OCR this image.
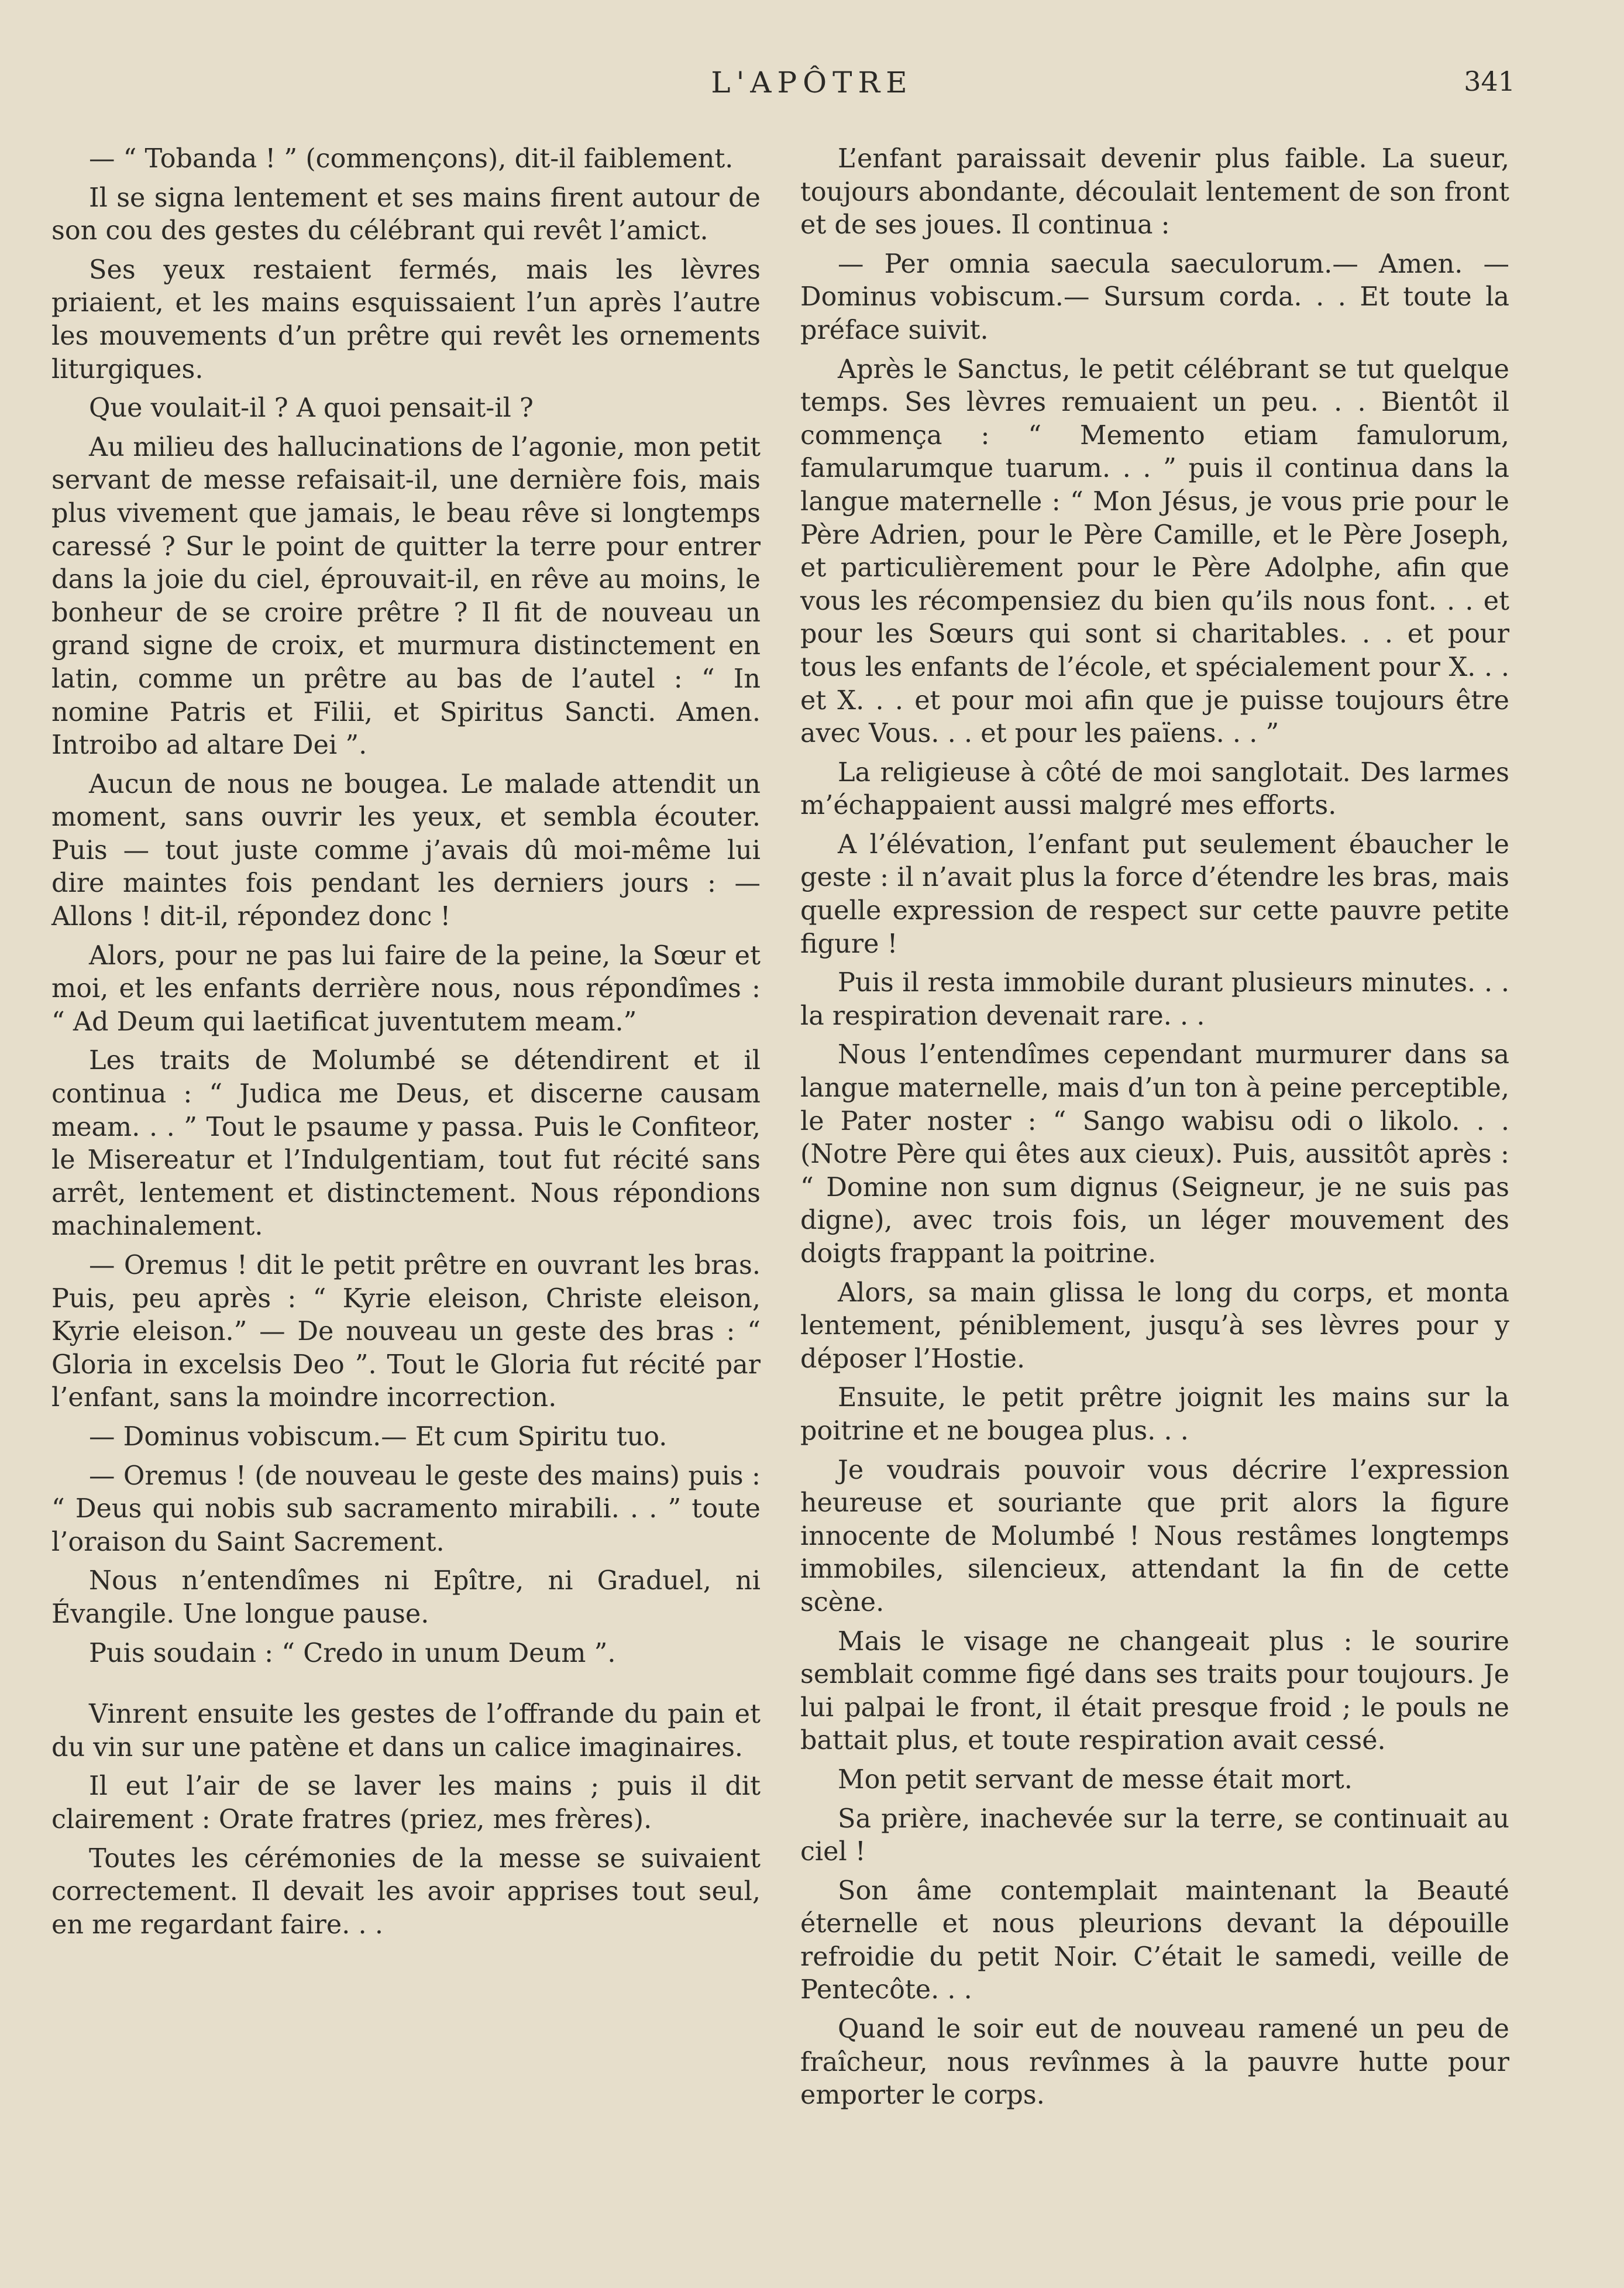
L'APÔTRE	341

— “ Tobanda ! ” (commençons), dit-il faiblement.

Il se signa lentement et ses mains firent autour de son cou des gestes du célébrant qui revêt l’amict.

Ses yeux restaient fermés, mais les lèvres priaient, et les mains esquissaient l’un après l’autre les mouvements d’un prêtre qui revêt les ornements liturgiques.

Que voulait-il ? A quoi pensait-il ?

Au milieu des hallucinations de l’agonie, mon petit servant de messe refaisait-il, une dernière fois, mais plus vivement que jamais, le beau rêve si longtemps caressé ? Sur le point de quitter la terre pour entrer dans la joie du ciel, éprouvait-il, en rêve au moins, le bonheur de se croire prêtre ? Il fit de nouveau un grand signe de croix, et murmura distinctement en latin, comme un prêtre au bas de l’autel : “ In nomine Patris et Filii, et Spiritus Sancti. Amen. Introibo ad altare Dei ”.

Aucun de nous ne bougea. Le malade attendit un moment, sans ouvrir les yeux, et sembla écouter. Puis — tout juste comme j’avais dû moi-même lui dire maintes fois pendant les derniers jours : — Allons ! dit-il, répondez donc !

Alors, pour ne pas lui faire de la peine, la Sœur et moi, et les enfants derrière nous, nous répondîmes : “ Ad Deum qui laetificat juventutem meam.”

Les traits de Molumbé se détendirent et il continua : “ Judica me Deus, et discerne causam meam. . . ” Tout le psaume y passa. Puis le Confiteor, le Misereatur et l’Indulgentiam, tout fut récité sans arrêt, lentement et distinctement. Nous répondions machinalement.

— Oremus ! dit le petit prêtre en ouvrant les bras. Puis, peu après : “ Kyrie eleison, Christe eleison, Kyrie eleison.” — De nouveau un geste des bras : “ Gloria in excelsis Deo ”. Tout le Gloria fut récité par l’enfant, sans la moindre incorrection.

— Dominus vobiscum.— Et cum Spiritu tuo.

— Oremus ! (de nouveau le geste des mains) puis : “ Deus qui nobis sub sacramento mirabili. . . ” toute l’oraison du Saint Sacrement.

Nous n’entendîmes ni Epître, ni Graduel, ni Évangile. Une longue pause.

Puis soudain : “ Credo in unum Deum ”.

Vinrent ensuite les gestes de l’offrande du pain et du vin sur une patène et dans un calice imaginaires.

Il eut l’air de se laver les mains ; puis il dit clairement : Orate fratres (priez, mes frères).

Toutes les cérémonies de la messe se suivaient correctement. Il devait les avoir apprises tout seul, en me regardant faire. . .

L’enfant paraissait devenir plus faible. La sueur, toujours abondante, découlait lentement de son front et de ses joues. Il continua :

— Per omnia saecula saeculorum.— Amen. — Dominus vobiscum.— Sursum corda. . . Et toute la préface suivit.

Après le Sanctus, le petit célébrant se tut quelque temps. Ses lèvres remuaient un peu. . . Bientôt il commença : “ Memento etiam famulorum, famularumque tuarum. . . ” puis il continua dans la langue maternelle : “ Mon Jésus, je vous prie pour le Père Adrien, pour le Père Camille, et le Père Joseph, et particulièrement pour le Père Adolphe, afin que vous les récompensiez du bien qu’ils nous font. . . et pour les Sœurs qui sont si charitables. . . et pour tous les enfants de l’école, et spécialement pour X. . . et X. . . et pour moi afin que je puisse toujours être avec Vous. . . et pour les païens. . . ”

La religieuse à côté de moi sanglotait. Des larmes m’échappaient aussi malgré mes efforts.

A l’élévation, l’enfant put seulement ébaucher le geste : il n’avait plus la force d’étendre les bras, mais quelle expression de respect sur cette pauvre petite figure !

Puis il resta immobile durant plusieurs minutes. . . la respiration devenait rare. . .

Nous l’entendîmes cependant murmurer dans sa langue maternelle, mais d’un ton à peine perceptible, le Pater noster : “ Sango wabisu odi o likolo. . . (Notre Père qui êtes aux cieux). Puis, aussitôt après : “ Domine non sum dignus (Seigneur, je ne suis pas digne), avec trois fois, un léger mouvement des doigts frappant la poitrine.

Alors, sa main glissa le long du corps, et monta lentement, péniblement, jusqu’à ses lèvres pour y déposer l’Hostie.

Ensuite, le petit prêtre joignit les mains sur la poitrine et ne bougea plus. . .

Je voudrais pouvoir vous décrire l’expression heureuse et souriante que prit alors la figure innocente de Molumbé ! Nous restâmes longtemps immobiles, silencieux, attendant la fin de cette scène.

Mais le visage ne changeait plus : le sourire semblait comme figé dans ses traits pour toujours. Je lui palpai le front, il était presque froid ; le pouls ne battait plus, et toute respiration avait cessé.

Mon petit servant de messe était mort.

Sa prière, inachevée sur la terre, se continuait au ciel !

Son âme contemplait maintenant la Beauté éternelle et nous pleurions devant la dépouille refroidie du petit Noir. C’était le samedi, veille de Pentecôte. . .

Quand le soir eut de nouveau ramené un peu de fraîcheur, nous revînmes à la pauvre hutte pour emporter le corps.
